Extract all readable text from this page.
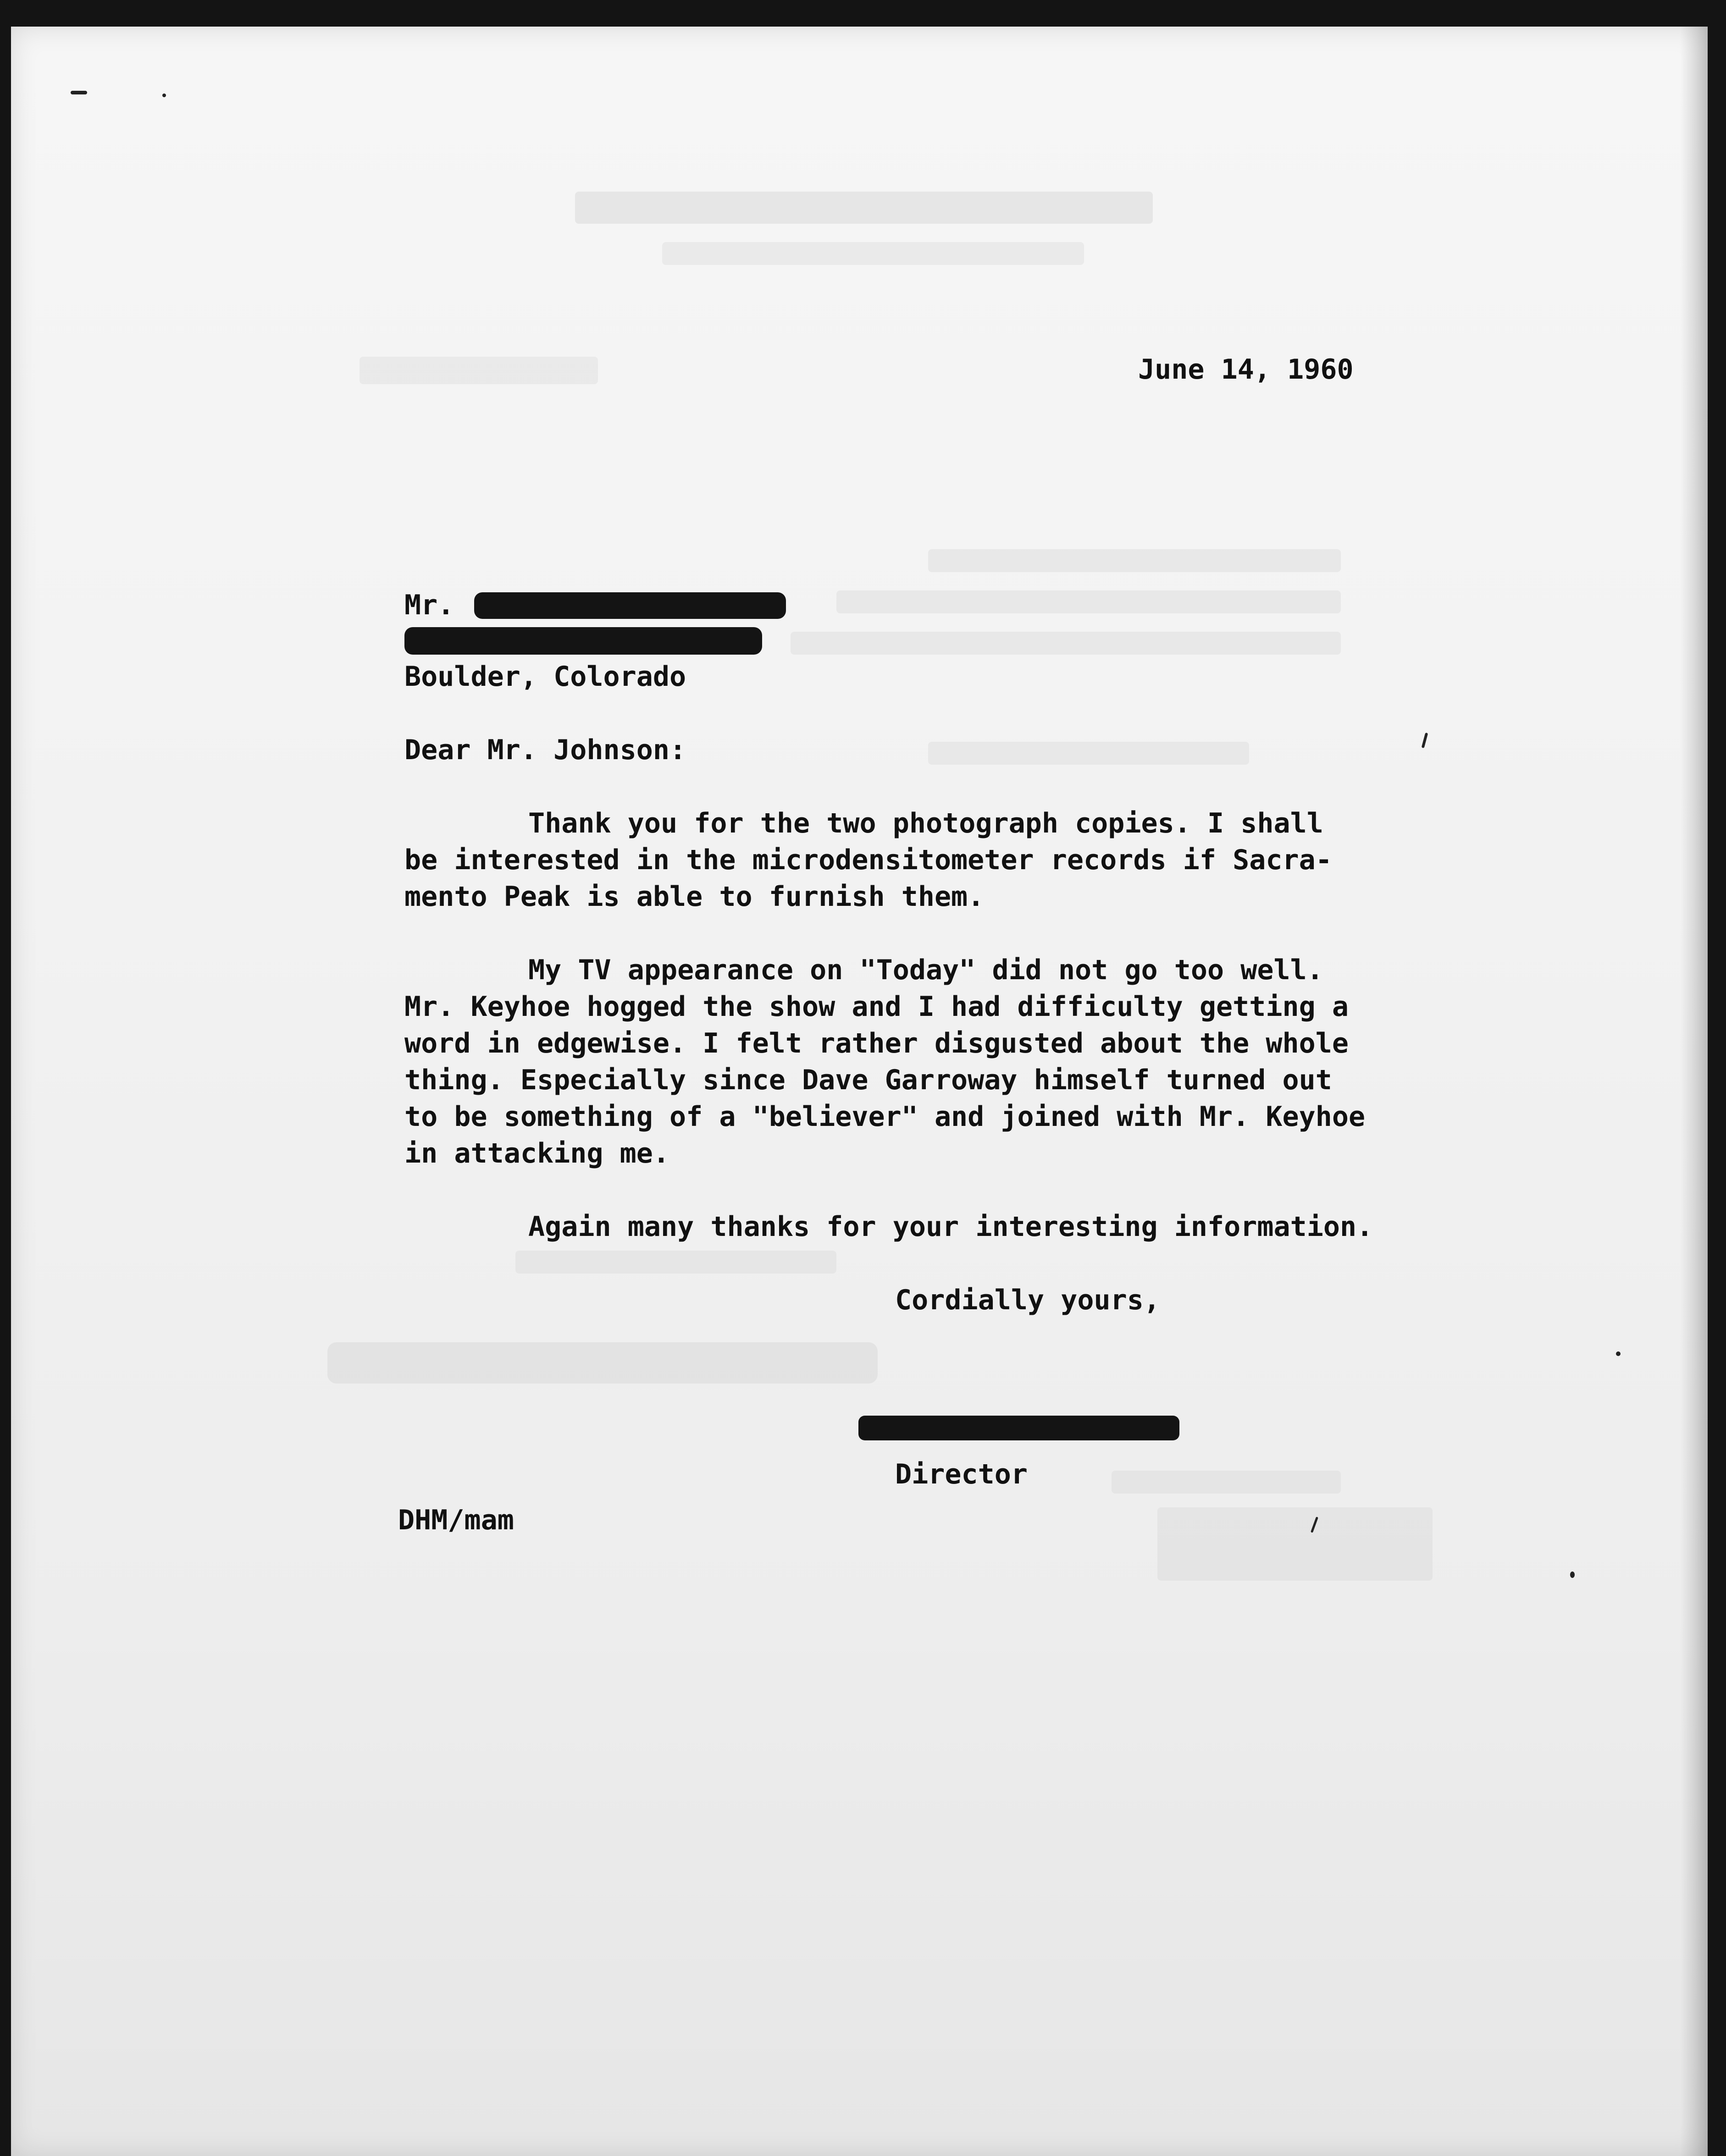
June 14, 1960
Mr.
Boulder, Colorado
Dear Mr. Johnson:
Thank you for the two photograph copies. I shall
be interested in the microdensitometer records if Sacra-
mento Peak is able to furnish them.
My TV appearance on "Today" did not go too well.
Mr. Keyhoe hogged the show and I had difficulty getting a
word in edgewise. I felt rather disgusted about the whole
thing. Especially since Dave Garroway himself turned out
to be something of a "believer" and joined with Mr. Keyhoe
in attacking me.
Again many thanks for your interesting information.
Cordially yours,
Director
DHM/mam
